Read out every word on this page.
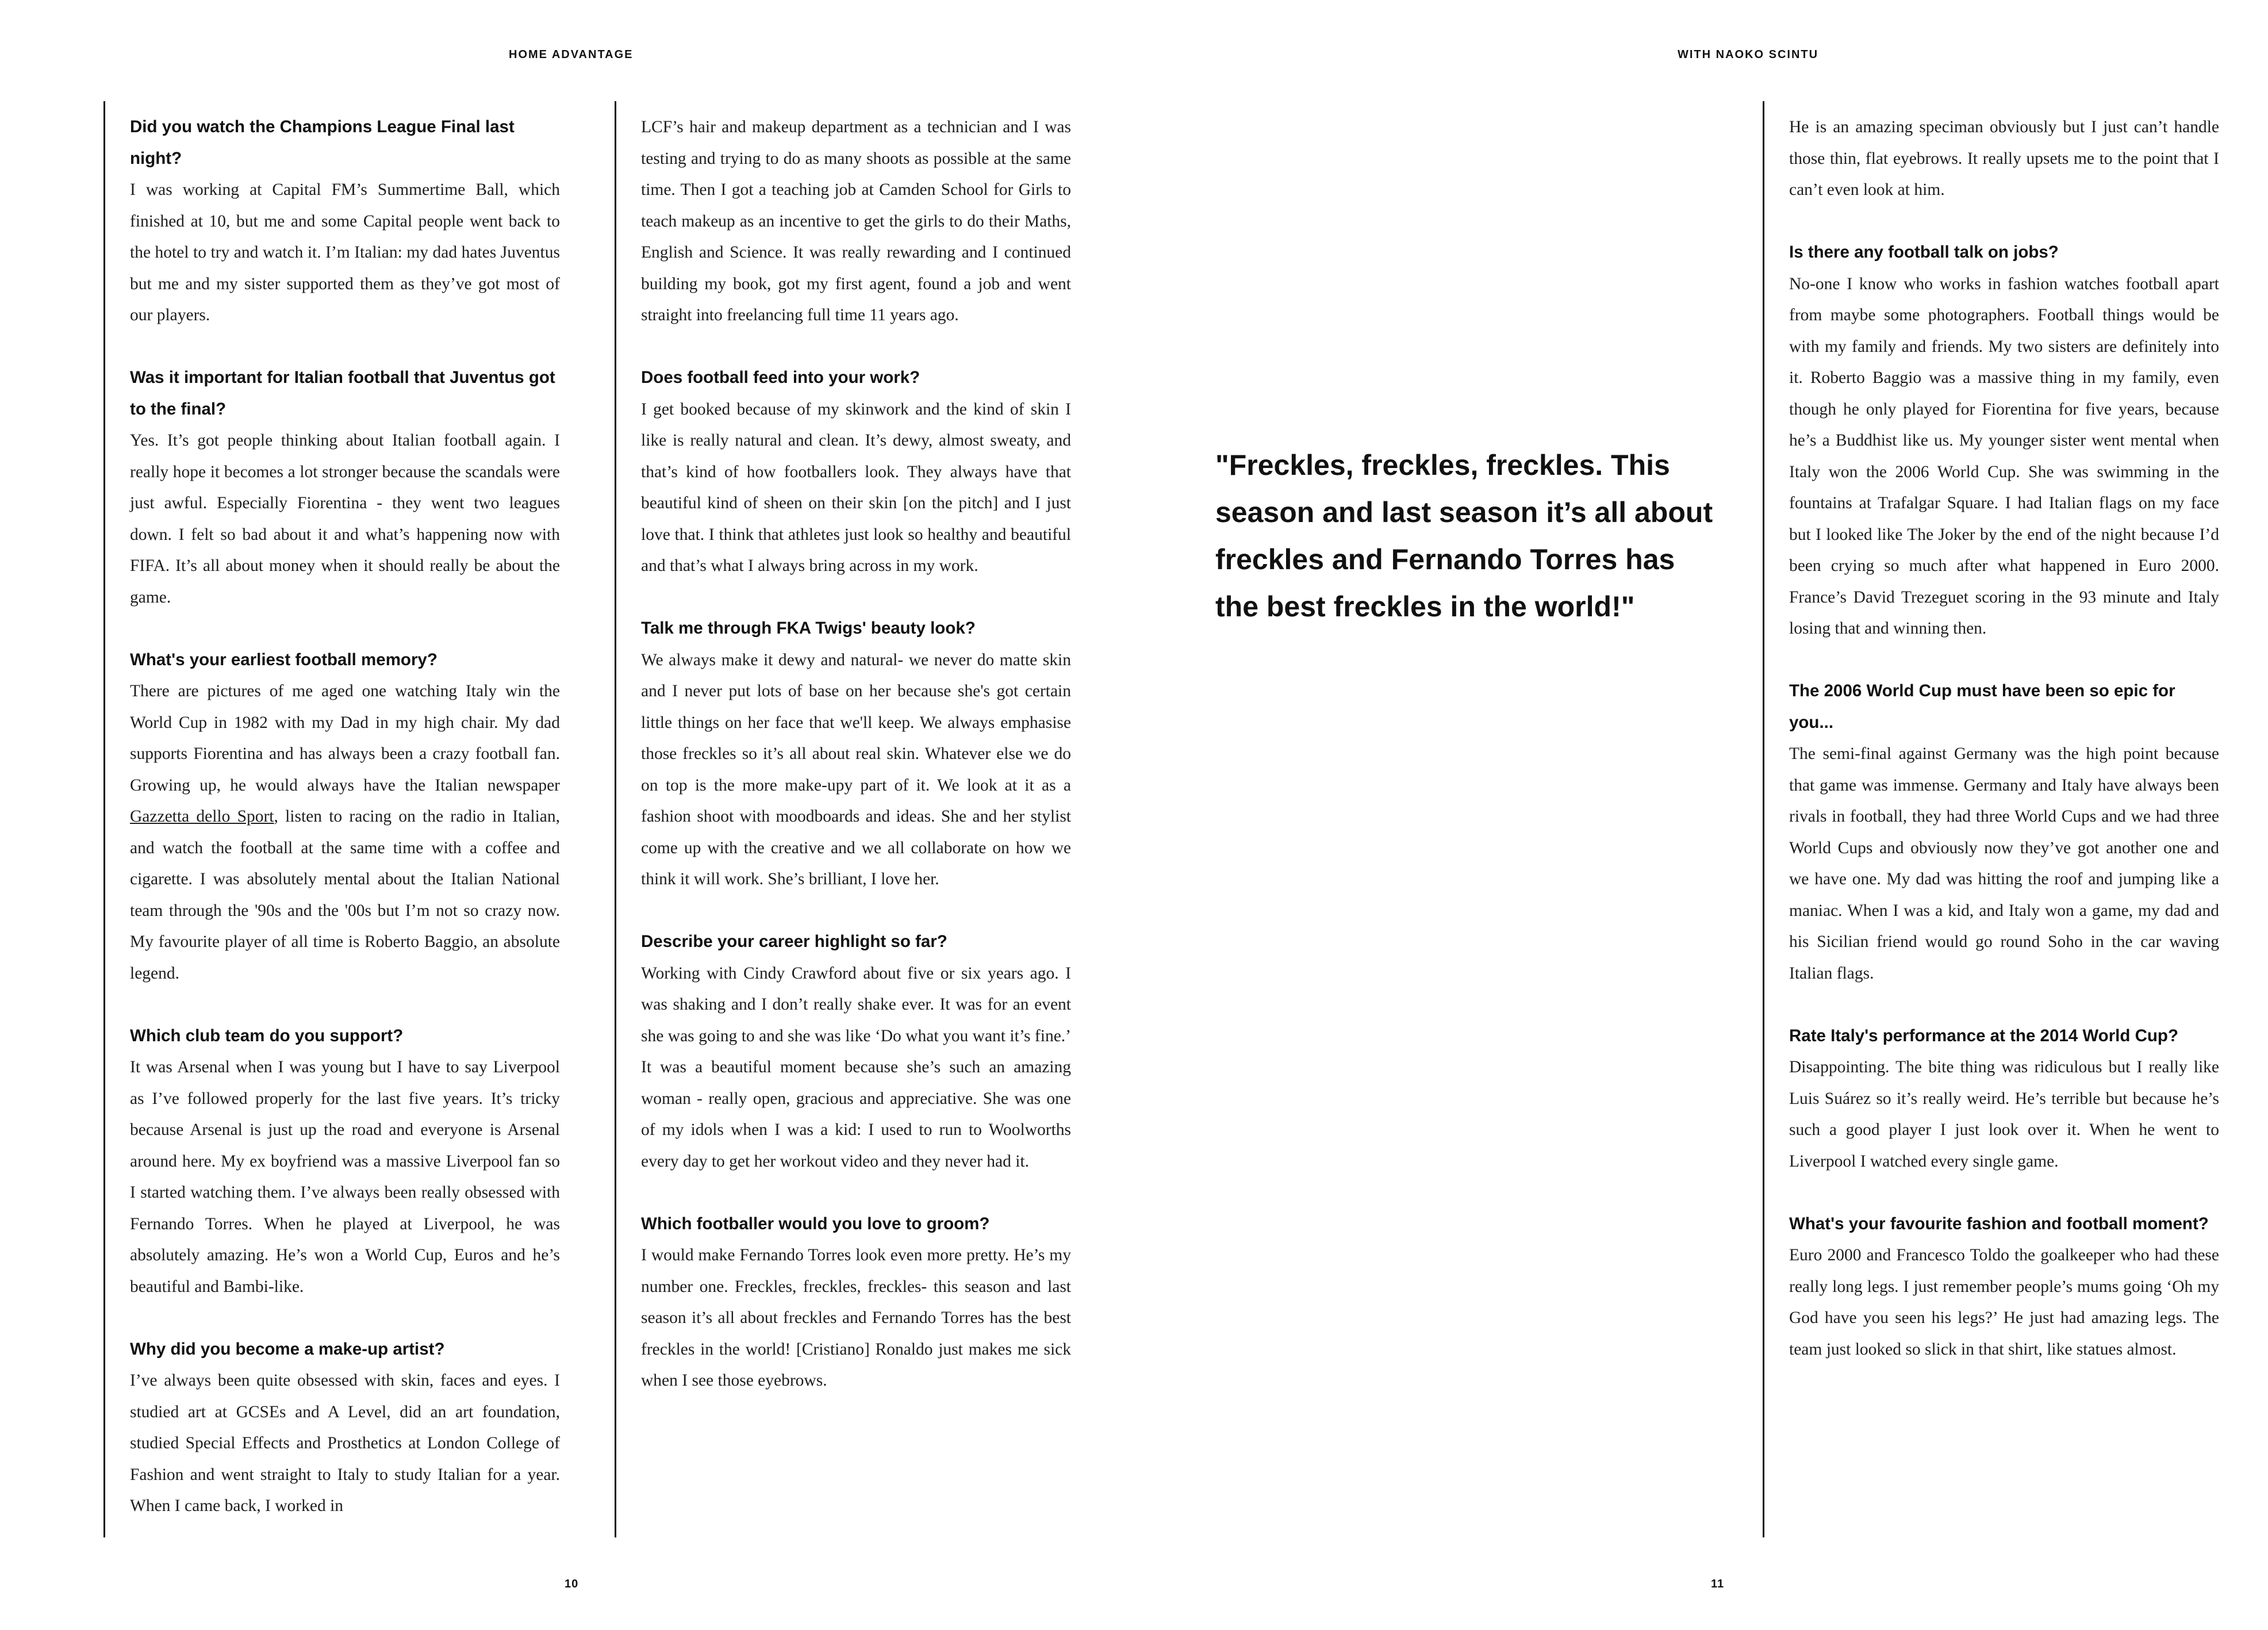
HOME ADVANTAGE	WITH NAOKO SCINTU

Did you watch the Champions League Final last night?
I was working at Capital FM’s Summertime Ball, which finished at 10, but me and some Capital people went back to the hotel to try and watch it. I’m Italian: my dad hates Juventus but me and my sister supported them as they’ve got most of our players.

Was it important for Italian football that Juventus got to the final?
Yes. It’s got people thinking about Italian football again. I really hope it becomes a lot stronger because the scandals were just awful. Especially Fiorentina - they went two leagues down. I felt so bad about it and what’s happening now with FIFA. It’s all about money when it should really be about the game.

What's your earliest football memory?
There are pictures of me aged one watching Italy win the World Cup in 1982 with my Dad in my high chair. My dad supports Fiorentina and has always been a crazy football fan. Growing up, he would always have the Italian newspaper Gazzetta dello Sport, listen to racing on the radio in Italian, and watch the football at the same time with a coffee and cigarette. I was absolutely mental about the Italian National team through the '90s and the '00s but I’m not so crazy now. My favourite player of all time is Roberto Baggio, an absolute legend.

Which club team do you support?
It was Arsenal when I was young but I have to say Liverpool as I’ve followed properly for the last five years. It’s tricky because Arsenal is just up the road and everyone is Arsenal around here. My ex boyfriend was a massive Liverpool fan so I started watching them. I’ve always been really obsessed with Fernando Torres. When he played at Liverpool, he was absolutely amazing. He’s won a World Cup, Euros and he’s beautiful and Bambi-like.

Why did you become a make-up artist?
I’ve always been quite obsessed with skin, faces and eyes. I studied art at GCSEs and A Level, did an art foundation, studied Special Effects and Prosthetics at London College of Fashion and went straight to Italy to study Italian for a year. When I came back, I worked in

LCF’s hair and makeup department as a technician and I was testing and trying to do as many shoots as possible at the same time. Then I got a teaching job at Camden School for Girls to teach makeup as an incentive to get the girls to do their Maths, English and Science. It was really rewarding and I continued building my book, got my first agent, found a job and went straight into freelancing full time 11 years ago.

Does football feed into your work?
I get booked because of my skinwork and the kind of skin I like is really natural and clean. It’s dewy, almost sweaty, and that’s kind of how footballers look. They always have that beautiful kind of sheen on their skin [on the pitch] and I just love that. I think that athletes just look so healthy and beautiful and that’s what I always bring across in my work.

Talk me through FKA Twigs' beauty look?
We always make it dewy and natural- we never do matte skin and I never put lots of base on her because she's got certain little things on her face that we'll keep. We always emphasise those freckles so it’s all about real skin. Whatever else we do on top is the more make-upy part of it. We look at it as a fashion shoot with moodboards and ideas. She and her stylist come up with the creative and we all collaborate on how we think it will work. She’s brilliant, I love her.

Describe your career highlight so far?
Working with Cindy Crawford about five or six years ago. I was shaking and I don’t really shake ever. It was for an event she was going to and she was like ‘Do what you want it’s fine.’ It was a beautiful moment because she’s such an amazing woman - really open, gracious and appreciative. She was one of my idols when I was a kid: I used to run to Woolworths every day to get her workout video and they never had it.

Which footballer would you love to groom?
I would make Fernando Torres look even more pretty. He’s my number one. Freckles, freckles, freckles- this season and last season it’s all about freckles and Fernando Torres has the best freckles in the world! [Cristiano] Ronaldo just makes me sick when I see those eyebrows.

"Freckles, freckles, freckles. This season and last season it’s all about freckles and Fernando Torres has the best freckles in the world!"

He is an amazing speciman obviously but I just can’t handle those thin, flat eyebrows. It really upsets me to the point that I can’t even look at him.

Is there any football talk on jobs?
No-one I know who works in fashion watches football apart from maybe some photographers. Football things would be with my family and friends. My two sisters are definitely into it. Roberto Baggio was a massive thing in my family, even though he only played for Fiorentina for five years, because he’s a Buddhist like us. My younger sister went mental when Italy won the 2006 World Cup. She was swimming in the fountains at Trafalgar Square. I had Italian flags on my face but I looked like The Joker by the end of the night because I’d been crying so much after what happened in Euro 2000. France’s David Trezeguet scoring in the 93 minute and Italy losing that and winning then.

The 2006 World Cup must have been so epic for you...
The semi-final against Germany was the high point because that game was immense. Germany and Italy have always been rivals in football, they had three World Cups and we had three World Cups and obviously now they’ve got another one and we have one. My dad was hitting the roof and jumping like a maniac. When I was a kid, and Italy won a game, my dad and his Sicilian friend would go round Soho in the car waving Italian flags.

Rate Italy's performance at the 2014 World Cup?
Disappointing. The bite thing was ridiculous but I really like Luis Suárez so it’s really weird. He’s terrible but because he’s such a good player I just look over it. When he went to Liverpool I watched every single game.

What's your favourite fashion and football moment?
Euro 2000 and Francesco Toldo the goalkeeper who had these really long legs. I just remember people’s mums going ‘Oh my God have you seen his legs?’ He just had amazing legs. The team just looked so slick in that shirt, like statues almost.

10	11
